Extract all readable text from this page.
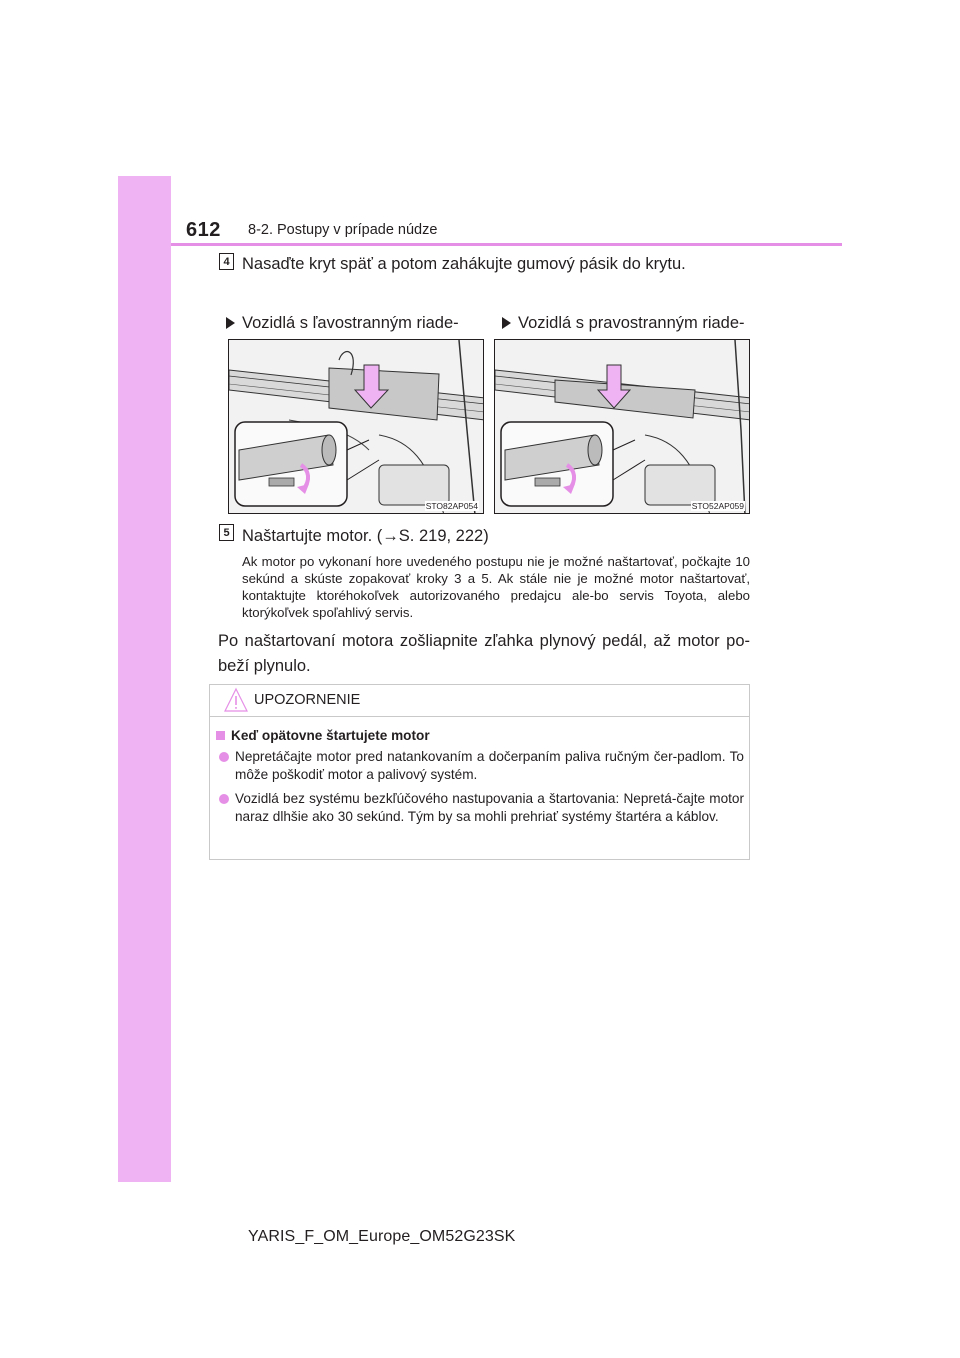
612 8-2. Postupy v prípade núdze
4 Nasaďte kryt späť a potom zahákujte gumový pásik do krytu.
Vozidlá s ľavostranným riade-	Vozidlá s pravostranným riade-
STO82AP054	STO52AP059
5 Naštartujte motor. (→S. 219, 222)
Ak motor po vykonaní hore uvedeného postupu nie je možné naštartovať, počkajte 10 sekúnd a skúste zopakovať kroky 3 a 5. Ak stále nie je možné motor naštartovať, kontaktujte ktoréhokoľvek autorizovaného predajcu ale-bo servis Toyota, alebo ktorýkoľvek spoľahlivý servis.
Po naštartovaní motora zošliapnite zľahka plynový pedál, až motor po-beží plynulo.
UPOZORNENIE
Keď opätovne štartujete motor
Nepretáčajte motor pred natankovaním a dočerpaním paliva ručným čer-padlom. To môže poškodiť motor a palivový systém.
Vozidlá bez systému bezkľúčového nastupovania a štartovania: Nepretá-čajte motor naraz dlhšie ako 30 sekúnd. Tým by sa mohli prehriať systémy štartéra a káblov.
YARIS_F_OM_Europe_OM52G23SK
